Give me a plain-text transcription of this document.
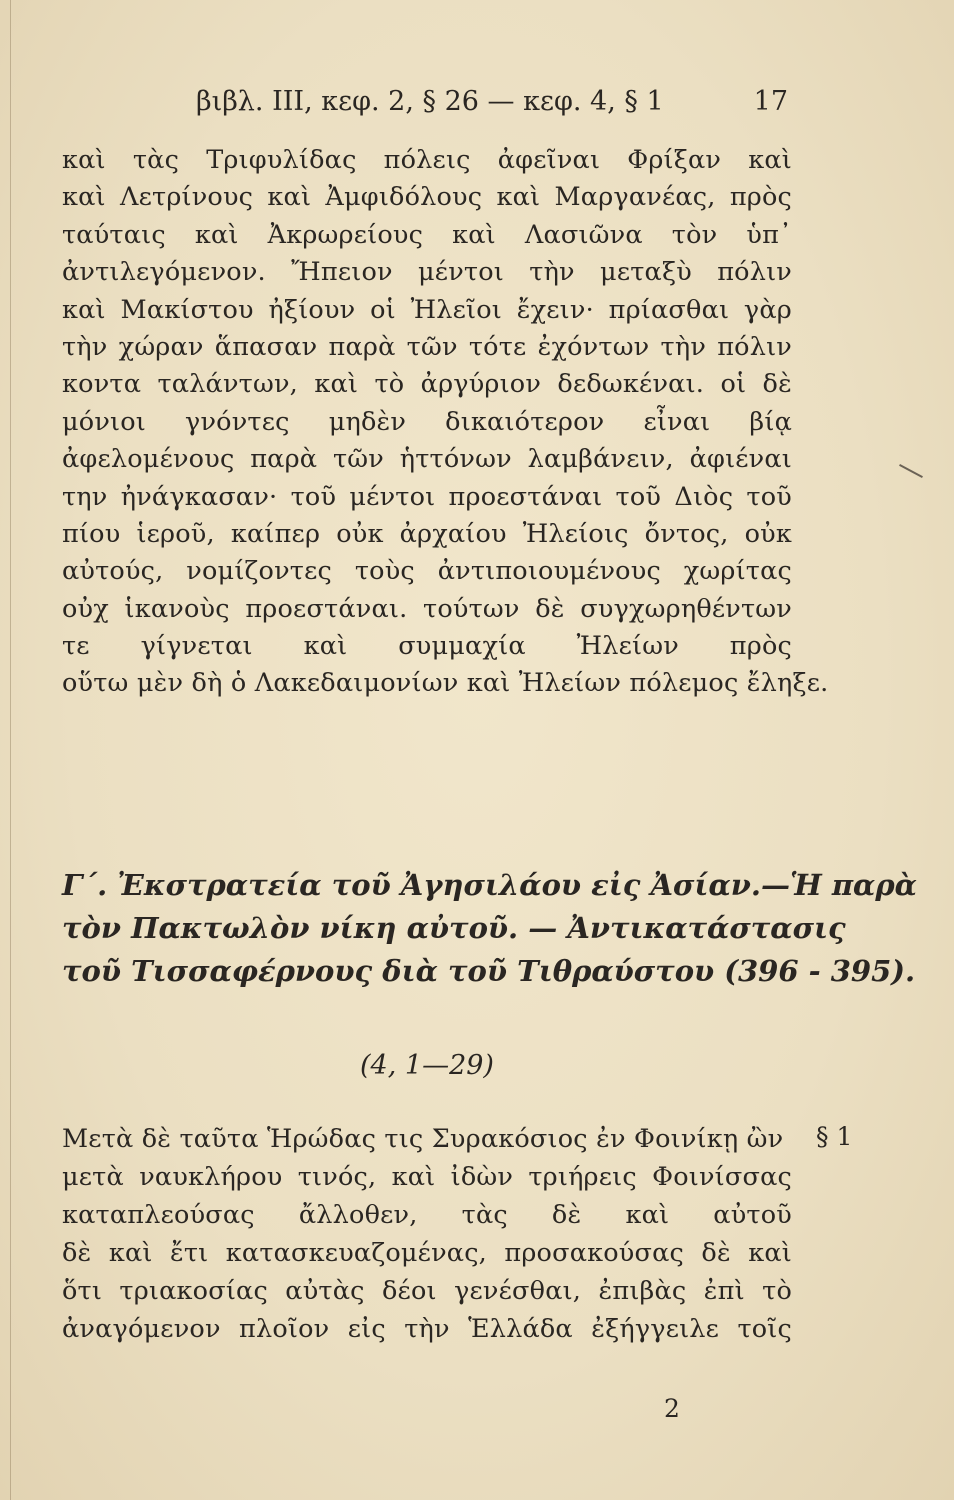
βιβλ. III, κεφ. 2, § 26 — κεφ. 4, § 1	17
καὶ τὰς Τριφυλίδας πόλεις ἀφεῖναι Φρίξαν καὶ
καὶ Λετρίνους καὶ Ἀμφιδόλους καὶ Μαργανέας, πρὸς
ταύταις καὶ Ἀκρωρείους καὶ Λασιῶνα τὸν ὑπ᾽
ἀντιλεγόμενον. Ἤπειον μέντοι τὴν μεταξὺ πόλιν
καὶ Μακίστου ἠξίουν οἱ Ἠλεῖοι ἔχειν· πρίασθαι γὰρ
τὴν χώραν ἅπασαν παρὰ τῶν τότε ἐχόντων τὴν πόλιν
κοντα ταλάντων, καὶ τὸ ἀργύριον δεδωκέναι. οἱ δὲ
μόνιοι γνόντες μηδὲν δικαιότερον εἶναι βίᾳ
ἀφελομένους παρὰ τῶν ἡττόνων λαμβάνειν, ἀφιέναι
την ἠνάγκασαν· τοῦ μέντοι προεστάναι τοῦ Διὸς τοῦ
πίου ἱεροῦ, καίπερ οὐκ ἀρχαίου Ἠλείοις ὄντος, οὐκ
αὐτούς, νομίζοντες τοὺς ἀντιποιουμένους χωρίτας
οὐχ ἱκανοὺς προεστάναι. τούτων δὲ συγχωρηθέντων
τε γίγνεται καὶ συμμαχία Ἠλείων πρὸς
οὕτω μὲν δὴ ὁ Λακεδαιμονίων καὶ Ἠλείων πόλεμος ἔληξε.
Γ΄. Ἐκστρατεία τοῦ Ἀγησιλάου εἰς Ἀσίαν.—Ἡ παρὰ
τὸν Πακτωλὸν νίκη αὐτοῦ. — Ἀντικατάστασις
τοῦ Τισσαφέρνους διὰ τοῦ Τιθραύστου (396 - 395).
(4, 1—29)
Μετὰ δὲ ταῦτα Ἡρώδας τις Συρακόσιος ἐν Φοινίκῃ ὢν
μετὰ ναυκλήρου τινός, καὶ ἰδὼν τριήρεις Φοινίσσας
καταπλεούσας ἄλλοθεν, τὰς δὲ καὶ αὐτοῦ
δὲ καὶ ἔτι κατασκευαζομένας, προσακούσας δὲ καὶ
ὅτι τριακοσίας αὐτὰς δέοι γενέσθαι, ἐπιβὰς ἐπὶ τὸ
ἀναγόμενον πλοῖον εἰς τὴν Ἑλλάδα ἐξήγγειλε τοῖς
§ 1
2
